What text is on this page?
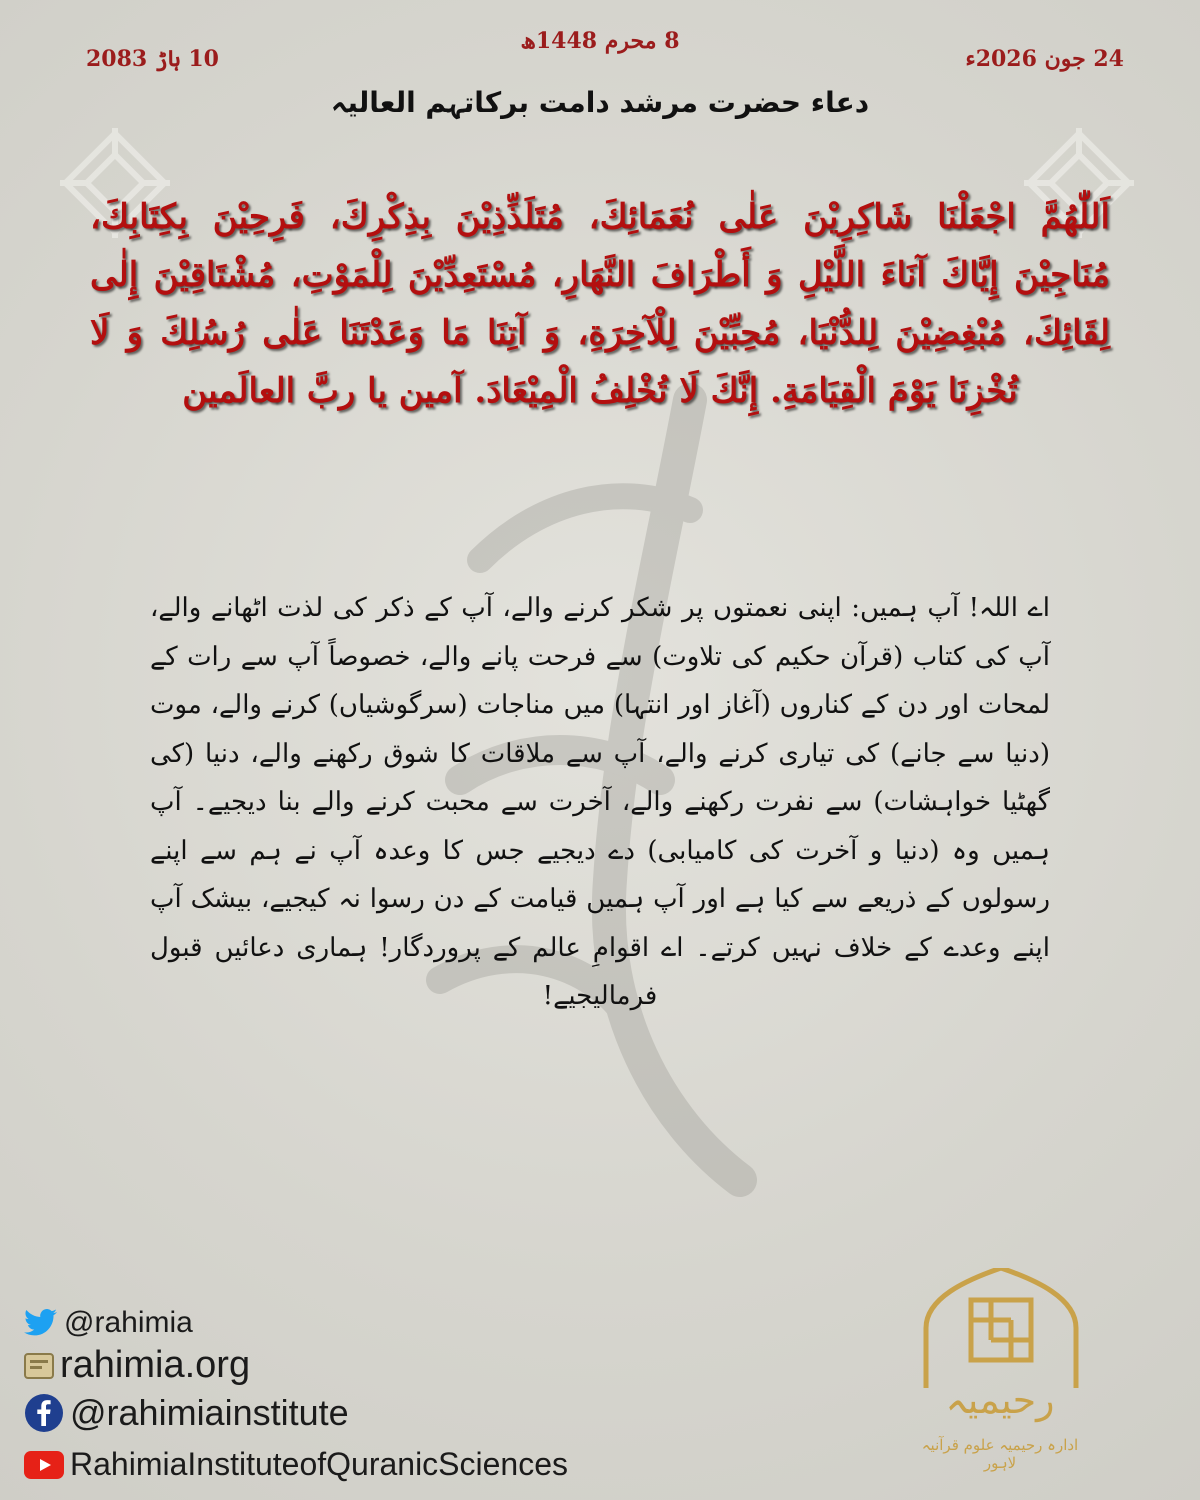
8 محرم 1448ھ
24 جون 2026ء
10 ہاڑ 2083
دعاء حضرت مرشد دامت برکاتہم العالیہ
اَللّٰھُمَّ اجْعَلْنَا شَاکِرِیْنَ عَلٰی نُعَمَائِكَ، مُتَلَذِّذِیْنَ بِذِکْرِكَ، فَرِحِیْنَ بِکِتَابِكَ، مُنَاجِیْنَ إِیَّاكَ آنَاءَ اللَّیْلِ وَ أَطْرَافَ النَّھَارِ، مُسْتَعِدِّیْنَ لِلْمَوْتِ، مُشْتَاقِیْنَ إِلٰی لِقَائِكَ، مُبْغِضِیْنَ لِلدُّنْیَا، مُحِبِّیْنَ لِلْآخِرَةِ، وَ آتِنَا مَا وَعَدْتَنَا عَلٰی رُسُلِكَ وَ لَا تُخْزِنَا یَوْمَ الْقِیَامَةِ. إِنَّكَ لَا تُخْلِفُ الْمِیْعَادَ. آمین یا ربَّ العالَمین
اے اللہ! آپ ہمیں: اپنی نعمتوں پر شکر کرنے والے، آپ کے ذکر کی لذت اٹھانے والے، آپ کی کتاب (قرآن حکیم کی تلاوت) سے فرحت پانے والے، خصوصاً آپ سے رات کے لمحات اور دن کے کناروں (آغاز اور انتہا) میں مناجات (سرگوشیاں) کرنے والے، موت (دنیا سے جانے) کی تیاری کرنے والے، آپ سے ملاقات کا شوق رکھنے والے، دنیا (کی گھٹیا خواہشات) سے نفرت رکھنے والے، آخرت سے محبت کرنے والے بنا دیجیے۔ آپ ہمیں وہ (دنیا و آخرت کی کامیابی) دے دیجیے جس کا وعدہ آپ نے ہم سے اپنے رسولوں کے ذریعے سے کیا ہے اور آپ ہمیں قیامت کے دن رسوا نہ کیجیے، بیشک آپ اپنے وعدے کے خلاف نہیں کرتے۔ اے اقوامِ عالم کے پروردگار! ہماری دعائیں قبول فرمالیجیے!
@rahimia
rahimia.org
@rahimiainstitute
RahimiaInstituteofQuranicSciences
رحیمیہ
ادارہ رحیمیہ علوم قرآنیہ لاہور
